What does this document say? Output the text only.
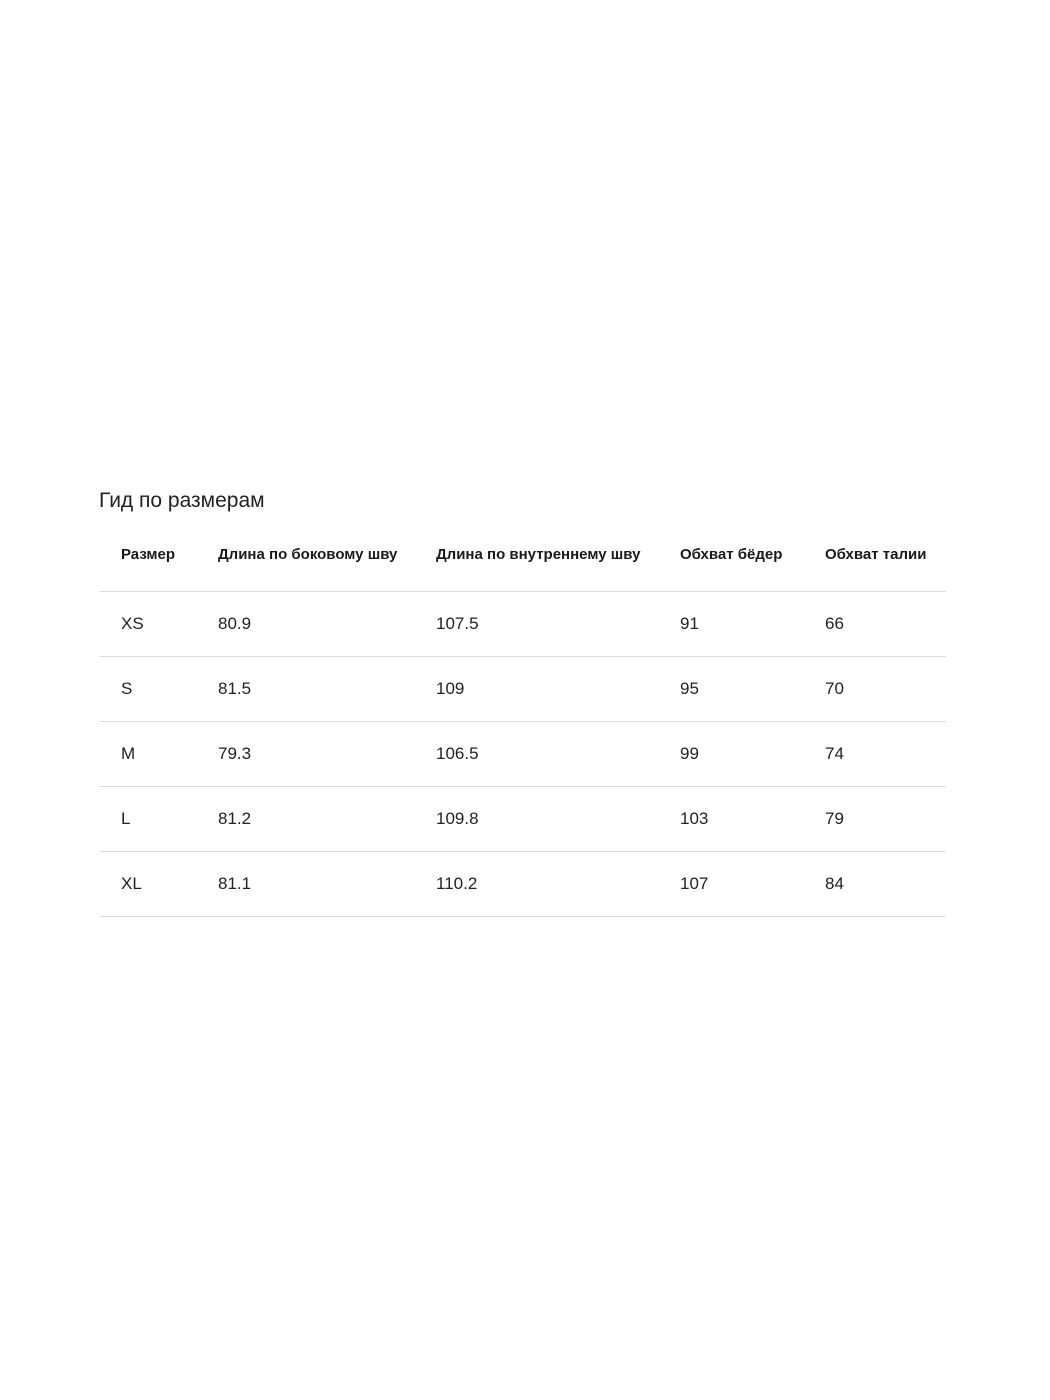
Гид по размерам
Размер	Длина по боковому шву	Длина по внутреннему шву	Обхват бёдер	Обхват талии
XS	80.9	107.5	91	66
S	81.5	109	95	70
M	79.3	106.5	99	74
L	81.2	109.8	103	79
XL	81.1	110.2	107	84
